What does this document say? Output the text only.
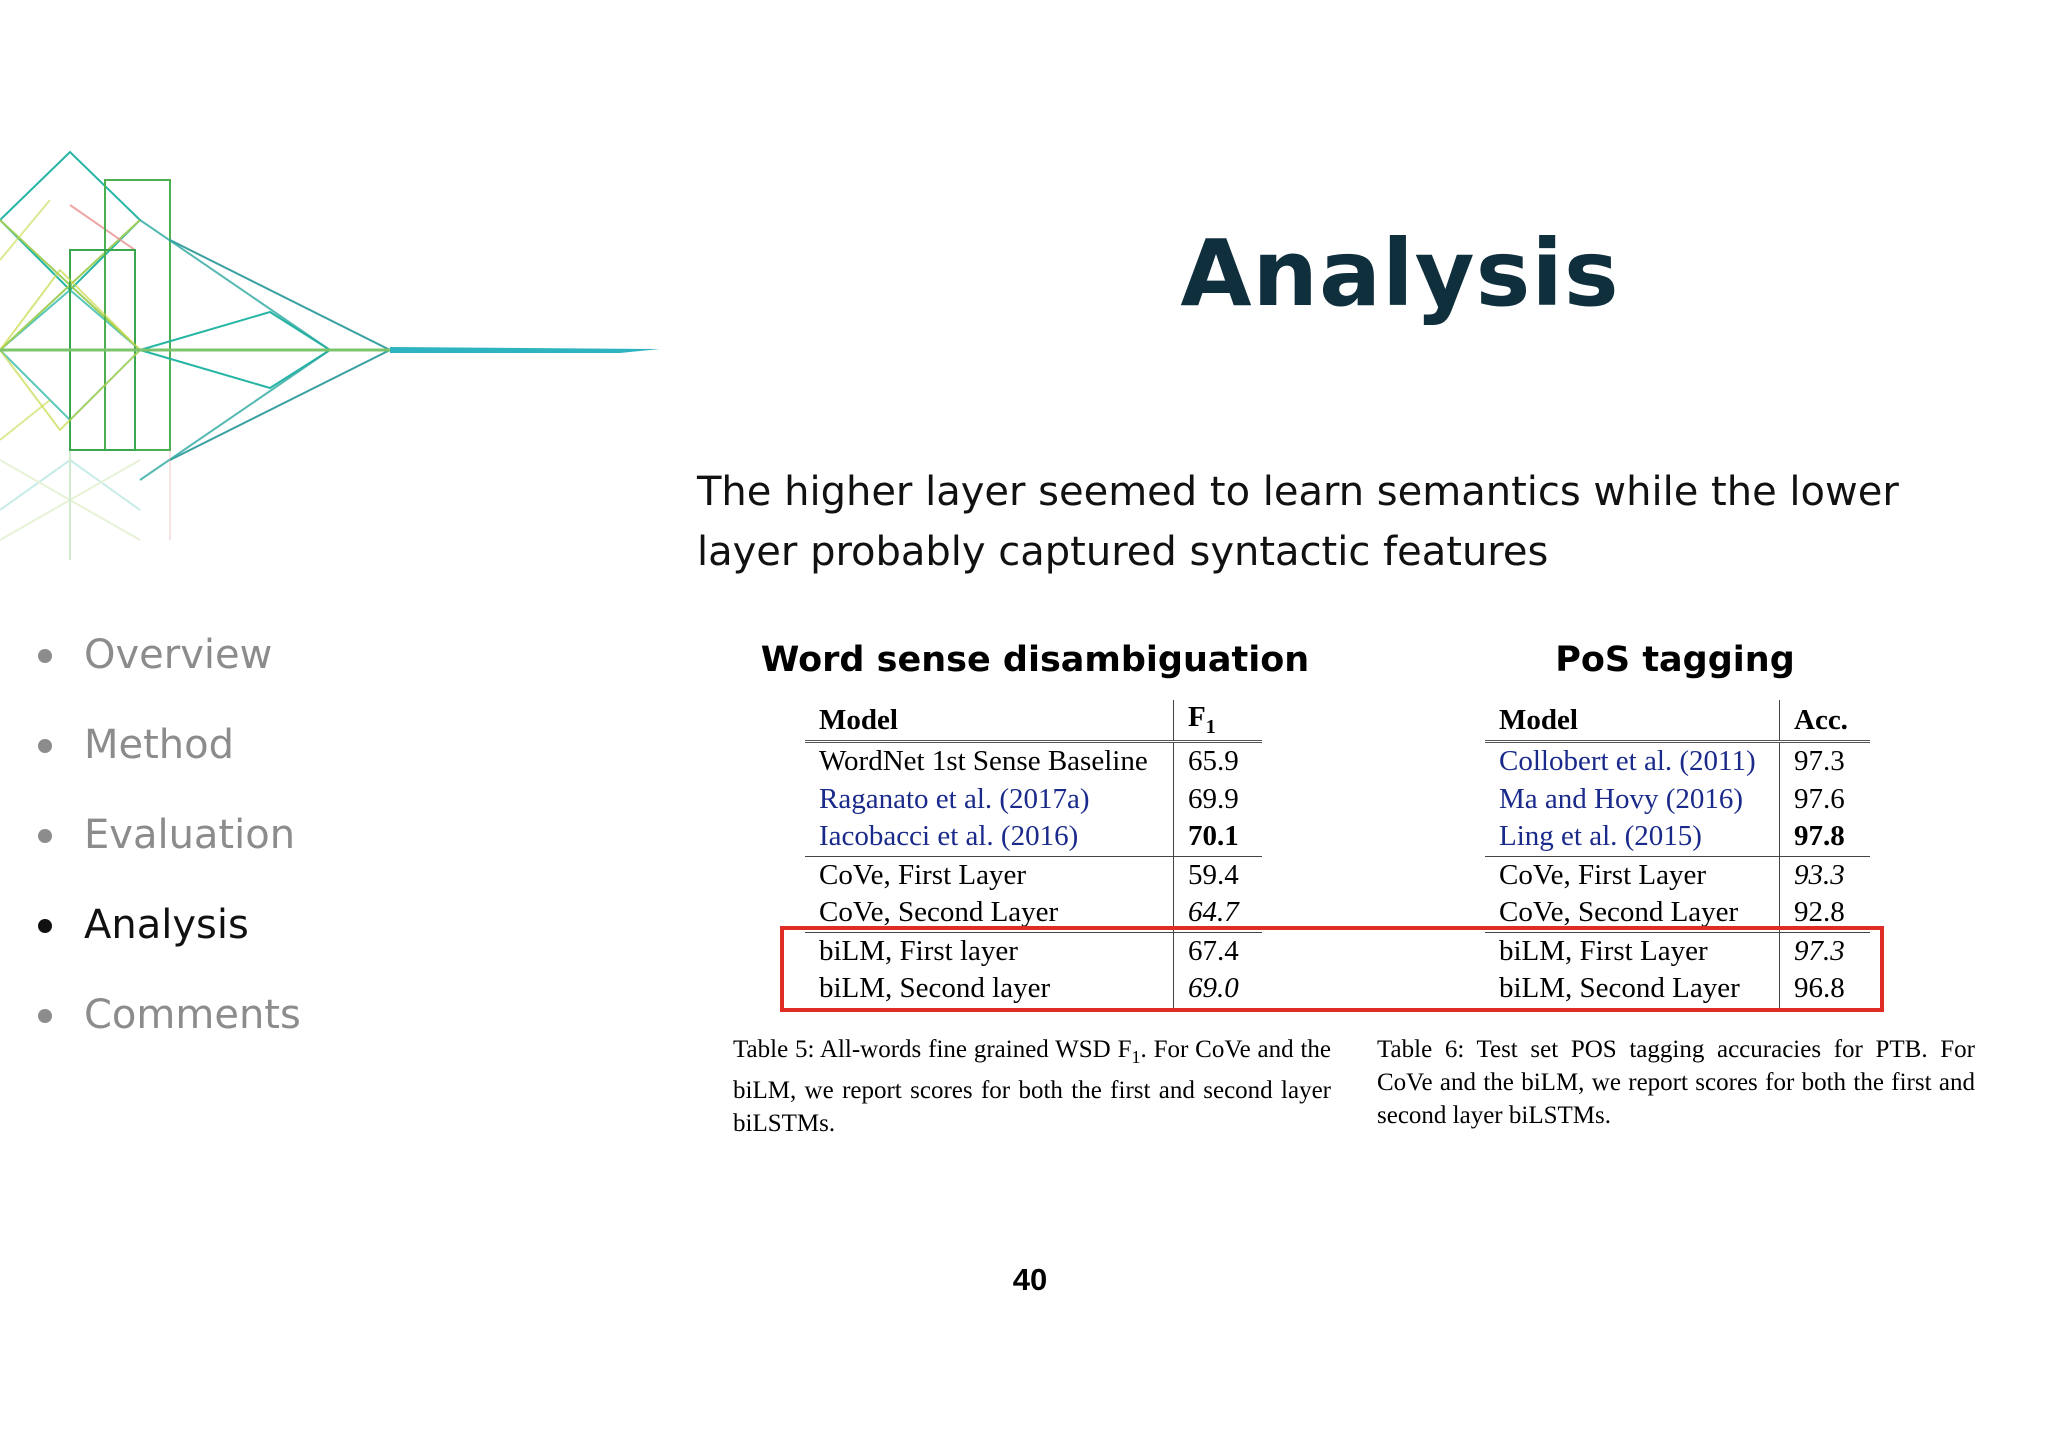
Analysis
The higher layer seemed to learn semantics while the lower layer probably captured syntactic features
Overview
Method
Evaluation
Analysis
Comments
Word sense disambiguation	PoS tagging
Model	$F_1$
WordNet 1st Sense Baseline	65.9
Raganato et al. (2017a)	69.9
Iacobacci et al. (2016)	70.1
CoVe, First Layer	59.4
CoVe, Second Layer	64.7
biLM, First layer	67.4
biLM, Second layer	69.0
Model	Acc.
Collobert et al. (2011)	97.3
Ma and Hovy (2016)	97.6
Ling et al. (2015)	97.8
CoVe, First Layer	93.3
CoVe, Second Layer	92.8
biLM, First Layer	97.3
biLM, Second Layer	96.8
Table 5: All-words fine grained WSD $F_1$. For CoVe and the biLM, we report scores for both the first and second layer biLSTMs.
Table 6: Test set POS tagging accuracies for PTB. For CoVe and the biLM, we report scores for both the first and second layer biLSTMs.
40
